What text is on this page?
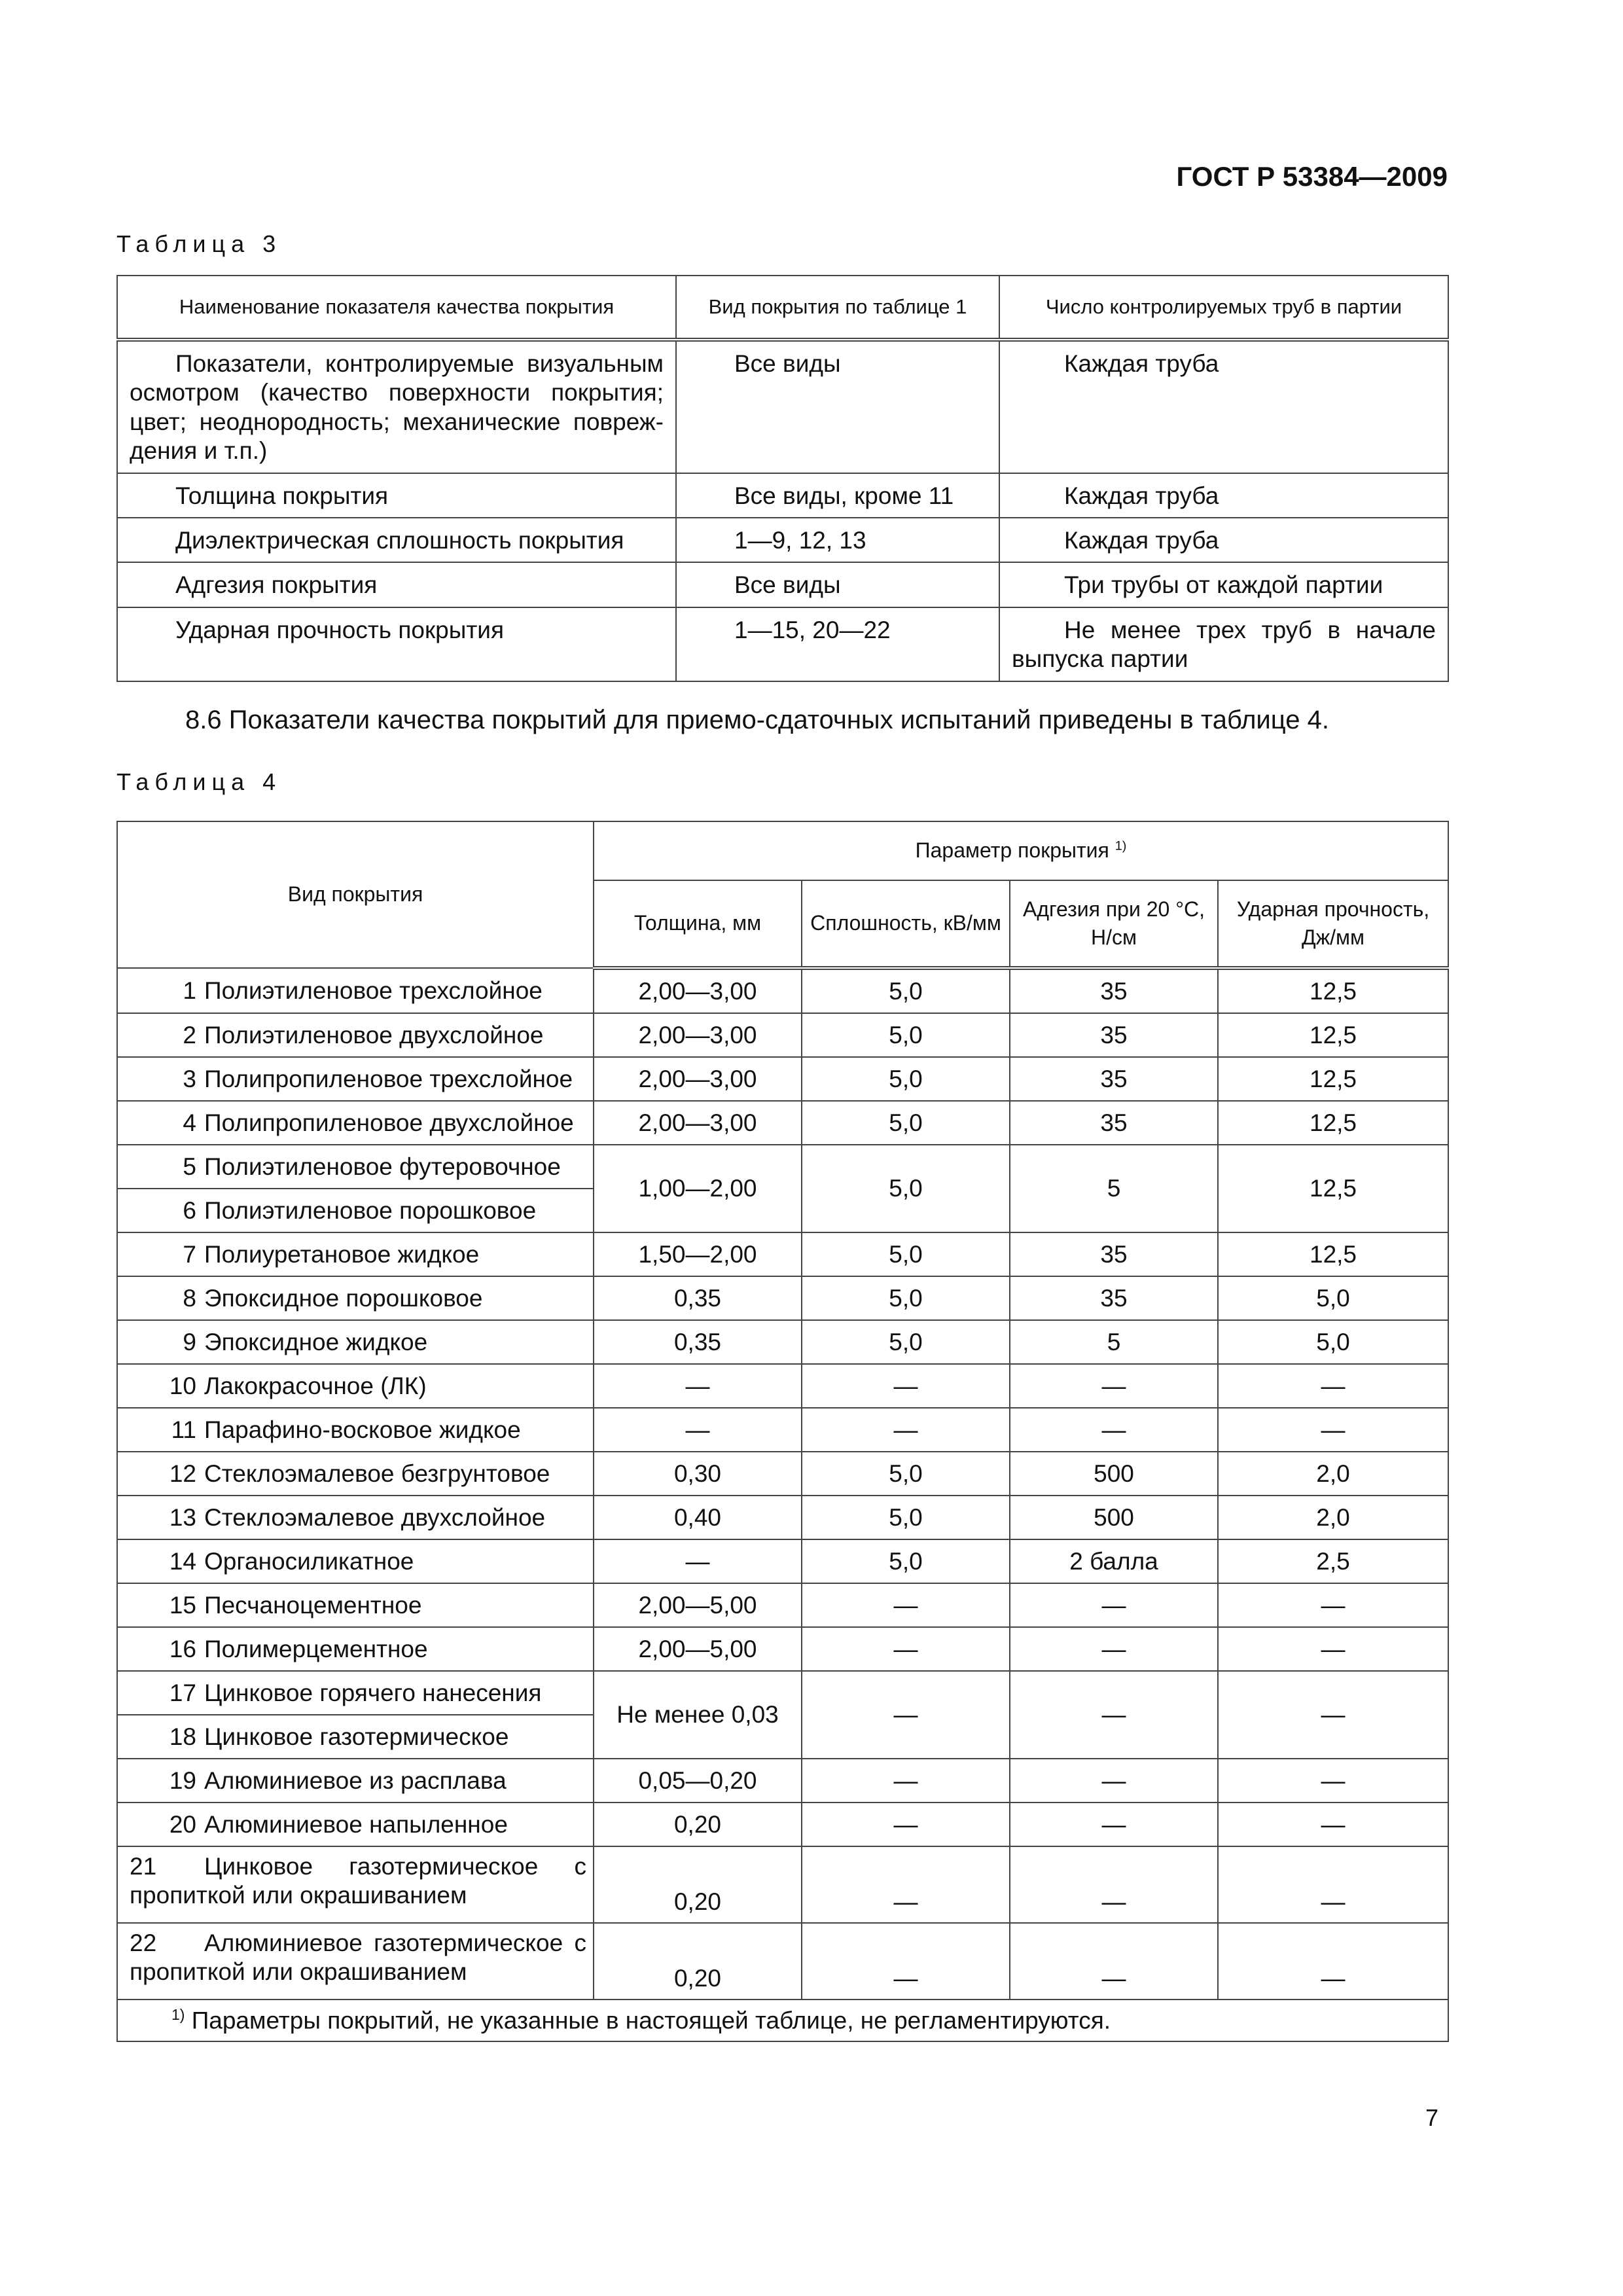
ГОСТ Р 53384—2009
Таблица 3
Наименование показателя качества покрытия	Вид покрытия по таблице 1	Число контролируемых труб в партии
Показатели, контролируемые визуальным осмотром (качество поверхности покрытия; цвет; неоднородность; механические повреж- дения и т.п.)	Все виды	Каждая труба
Толщина покрытия	Все виды, кроме 11	Каждая труба
Диэлектрическая сплошность покрытия	1—9, 12, 13	Каждая труба
Адгезия покрытия	Все виды	Три трубы от каждой партии
Ударная прочность покрытия	1—15, 20—22	Не менее трех труб в начале выпуска партии
8.6 Показатели качества покрытий для приемо-сдаточных испытаний приведены в таблице 4.
Таблица 4
Вид покрытия	Параметр покрытия $^{1)}$
	Толщина, мм	Сплошность, кВ/мм	Адгезия при 20 °С, Н/см	Ударная прочность, Дж/мм
1 Полиэтиленовое трехслойное	2,00—3,00	5,0	35	12,5
2 Полиэтиленовое двухслойное	2,00—3,00	5,0	35	12,5
3 Полипропиленовое трехслойное	2,00—3,00	5,0	35	12,5
4 Полипропиленовое двухслойное	2,00—3,00	5,0	35	12,5
5 Полиэтиленовое футеровочное	1,00—2,00	5,0	5	12,5
6 Полиэтиленовое порошковое				
7 Полиуретановое жидкое	1,50—2,00	5,0	35	12,5
8 Эпоксидное порошковое	0,35	5,0	35	5,0
9 Эпоксидное жидкое	0,35	5,0	5	5,0
10 Лакокрасочное (ЛК)	—	—	—	—
11 Парафино-восковое жидкое	—	—	—	—
12 Стеклоэмалевое безгрунтовое	0,30	5,0	500	2,0
13 Стеклоэмалевое двухслойное	0,40	5,0	500	2,0
14 Органосиликатное	—	5,0	2 балла	2,5
15 Песчаноцементное	2,00—5,00	—	—	—
16 Полимерцементное	2,00—5,00	—	—	—
17 Цинковое горячего нанесения	Не менее 0,03	—	—	—
18 Цинковое газотермическое				
19 Алюминиевое из расплава	0,05—0,20	—	—	—
20 Алюминиевое напыленное	0,20	—	—	—
21 Цинковое газотермическое с пропиткой или окрашиванием	0,20	—	—	—
22 Алюминиевое газотермическое с пропиткой или окрашиванием	0,20	—	—	—
$^{1)}$ Параметры покрытий, не указанные в настоящей таблице, не регламентируются.				
7
